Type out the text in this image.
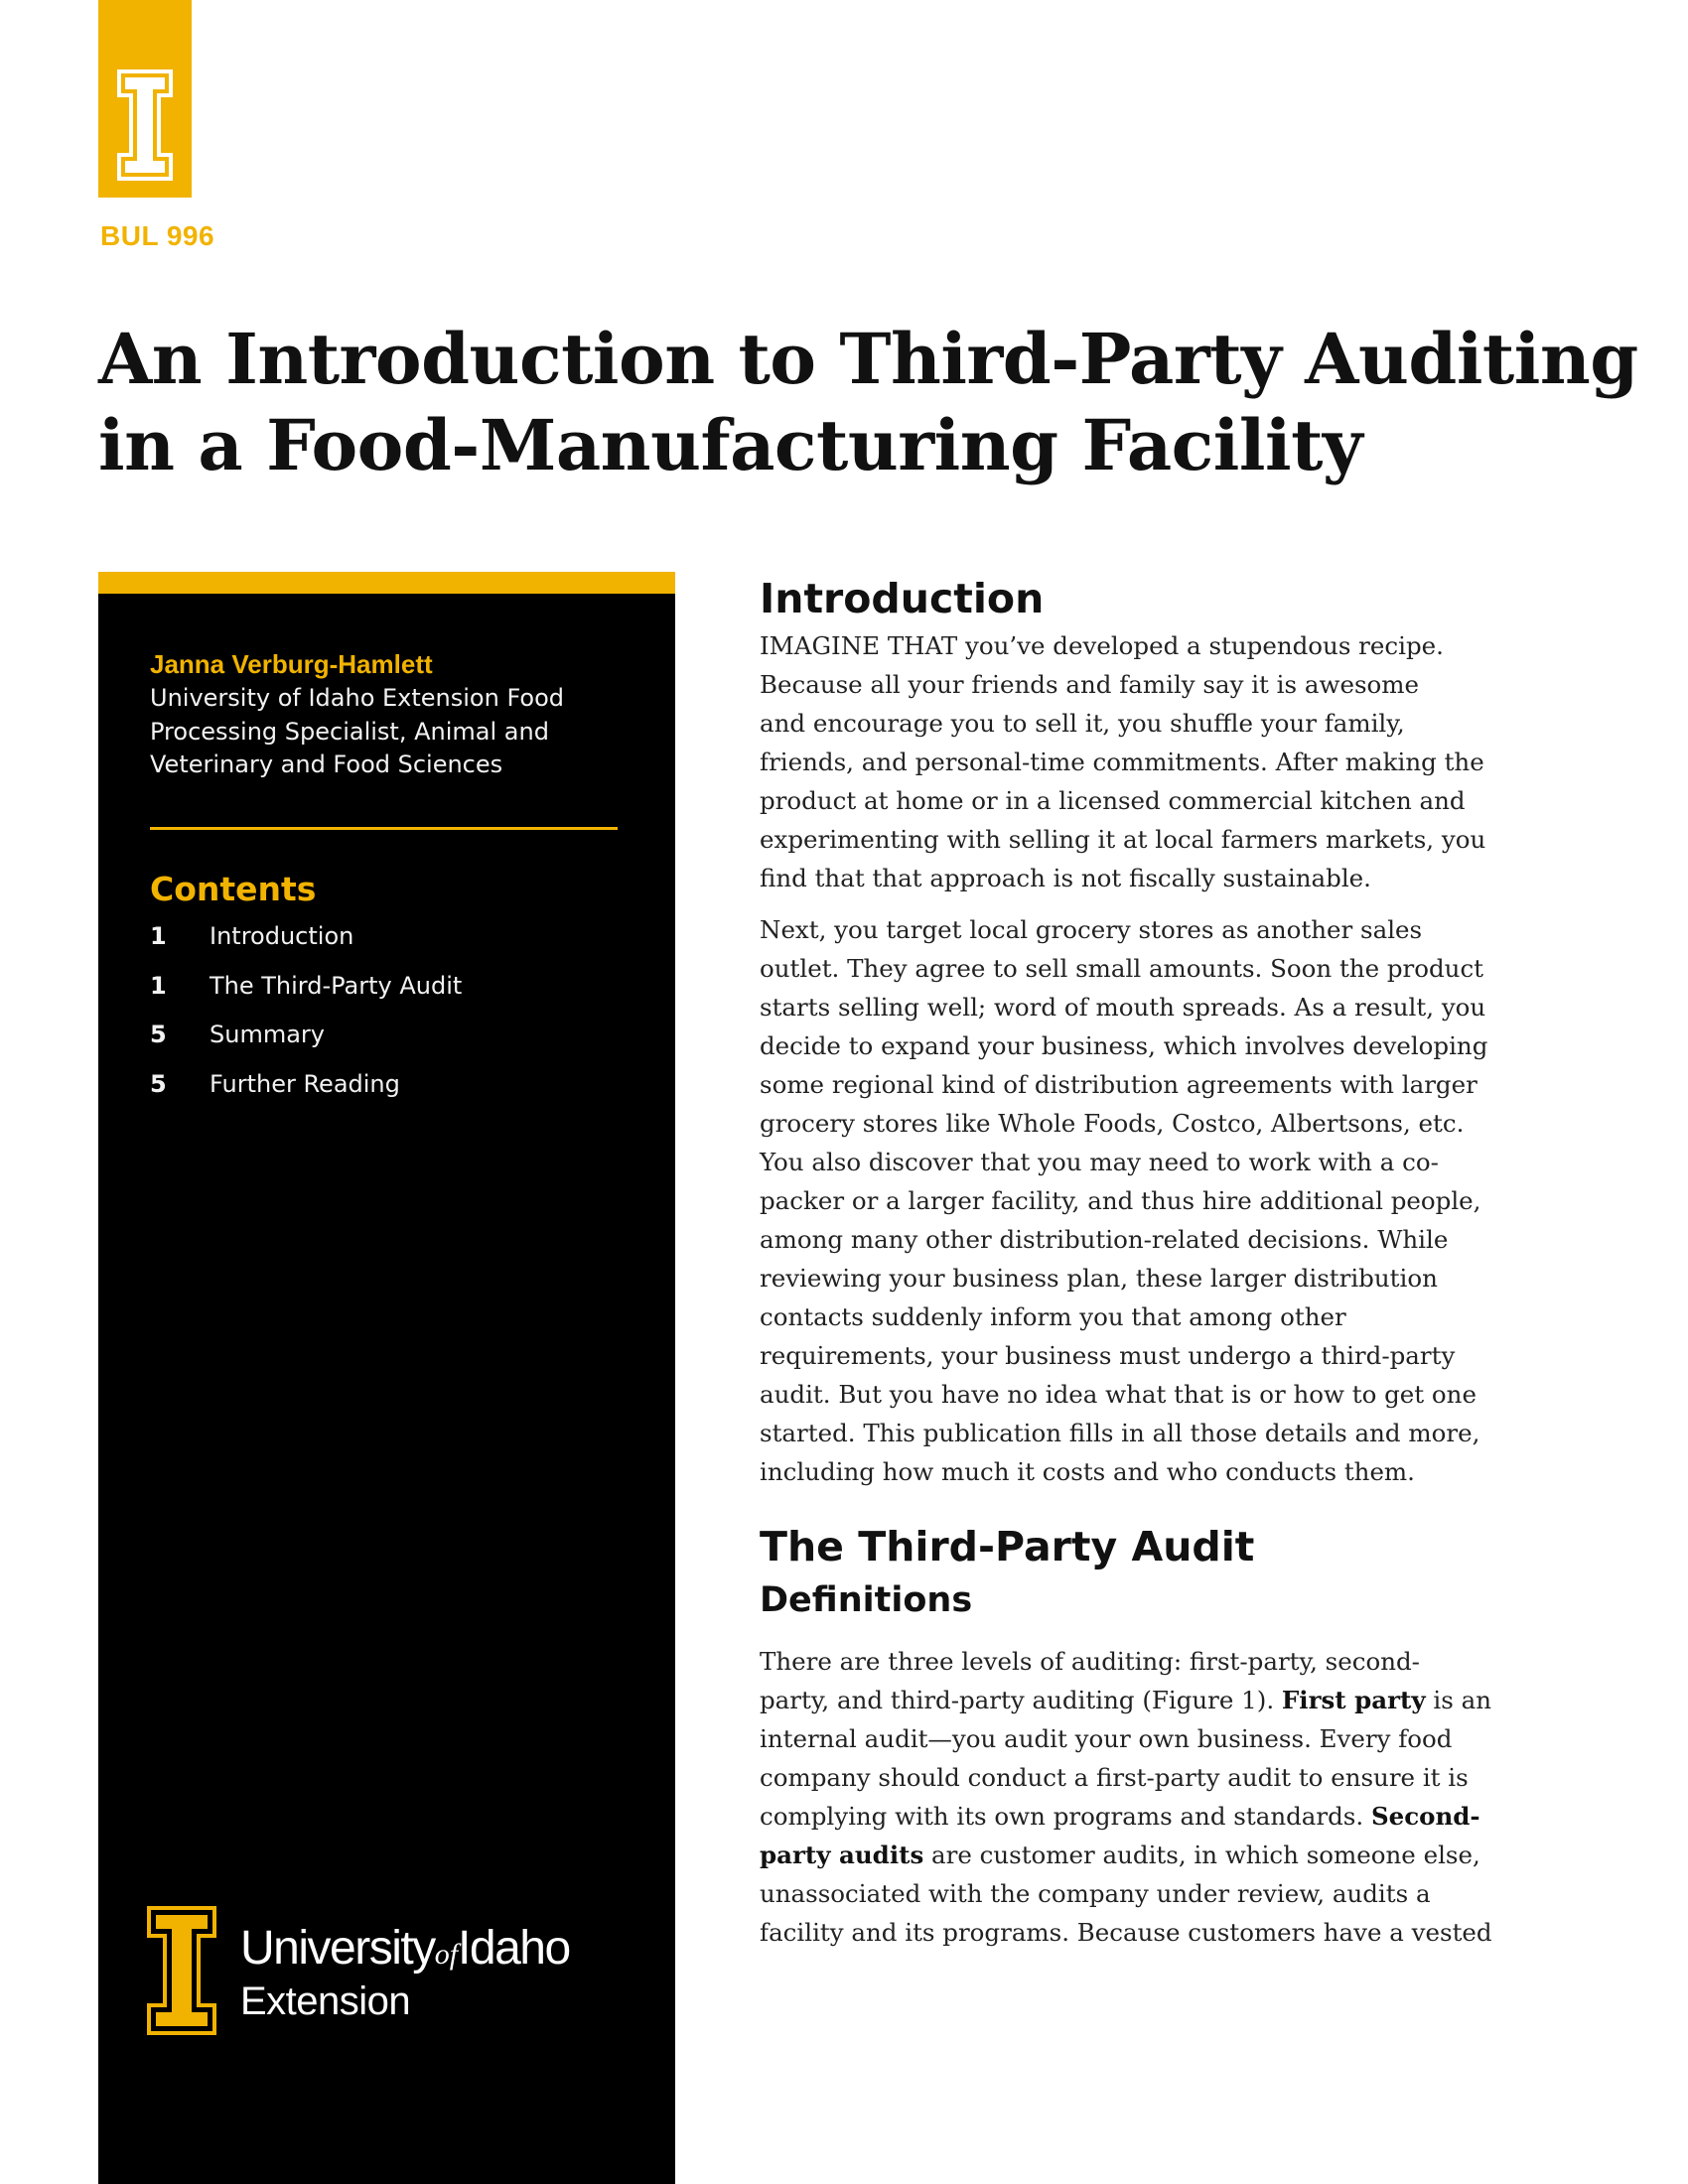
BUL 996
An Introduction to Third-Party Auditing
in a Food-Manufacturing Facility
Janna Verburg-Hamlett
University of Idaho Extension Food
Processing Specialist, Animal and
Veterinary and Food Sciences
Contents
1 Introduction
1 The Third-Party Audit
5 Summary
5 Further Reading
UniversityofIdaho
Extension
Introduction
IMAGINE THAT you’ve developed a stupendous recipe.
Because all your friends and family say it is awesome
and encourage you to sell it, you shuffle your family,
friends, and personal-time commitments. After making the
product at home or in a licensed commercial kitchen and
experimenting with selling it at local farmers markets, you
find that that approach is not fiscally sustainable.
Next, you target local grocery stores as another sales
outlet. They agree to sell small amounts. Soon the product
starts selling well; word of mouth spreads. As a result, you
decide to expand your business, which involves developing
some regional kind of distribution agreements with larger
grocery stores like Whole Foods, Costco, Albertsons, etc.
You also discover that you may need to work with a co-
packer or a larger facility, and thus hire additional people,
among many other distribution-related decisions. While
reviewing your business plan, these larger distribution
contacts suddenly inform you that among other
requirements, your business must undergo a third-party
audit. But you have no idea what that is or how to get one
started. This publication fills in all those details and more,
including how much it costs and who conducts them.
The Third-Party Audit
Definitions
There are three levels of auditing: first-party, second-
party, and third-party auditing (Figure 1). First party is an
internal audit—you audit your own business. Every food
company should conduct a first-party audit to ensure it is
complying with its own programs and standards. Second-
party audits are customer audits, in which someone else,
unassociated with the company under review, audits a
facility and its programs. Because customers have a vested
